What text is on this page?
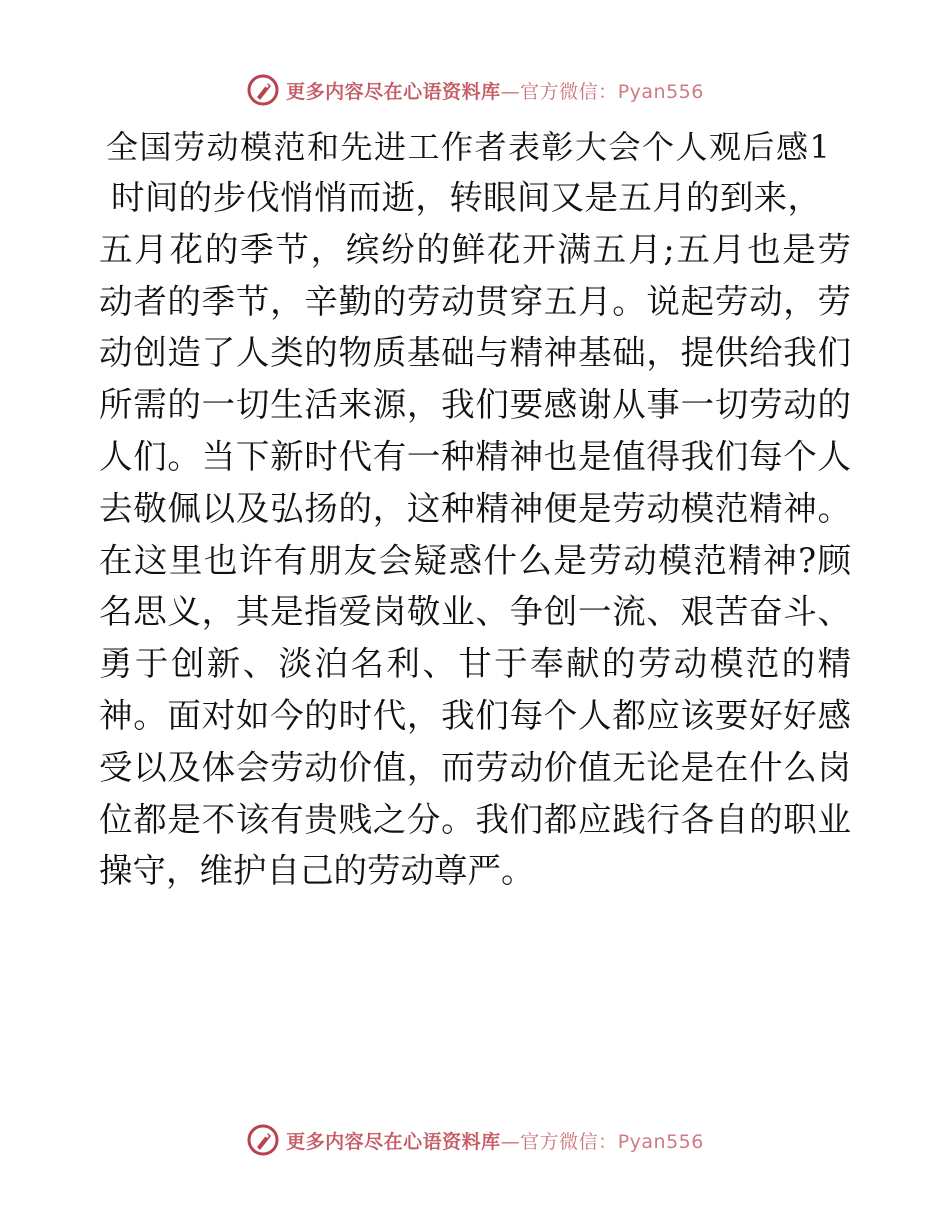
更多内容尽在心语资料库—官方微信：Pyan556
全国劳动模范和先进工作者表彰大会个人观后感1
时间的步伐悄悄而逝，转眼间又是五月的到来，
五月花的季节，缤纷的鲜花开满五月;五月也是劳
动者的季节，辛勤的劳动贯穿五月。说起劳动，劳
动创造了人类的物质基础与精神基础，提供给我们
所需的一切生活来源，我们要感谢从事一切劳动的
人们。当下新时代有一种精神也是值得我们每个人
去敬佩以及弘扬的，这种精神便是劳动模范精神。
在这里也许有朋友会疑惑什么是劳动模范精神?顾
名思义，其是指爱岗敬业、争创一流、艰苦奋斗、
勇于创新、淡泊名利、甘于奉献的劳动模范的精
神。面对如今的时代，我们每个人都应该要好好感
受以及体会劳动价值，而劳动价值无论是在什么岗
位都是不该有贵贱之分。我们都应践行各自的职业
操守，维护自己的劳动尊严。
更多内容尽在心语资料库—官方微信：Pyan556
